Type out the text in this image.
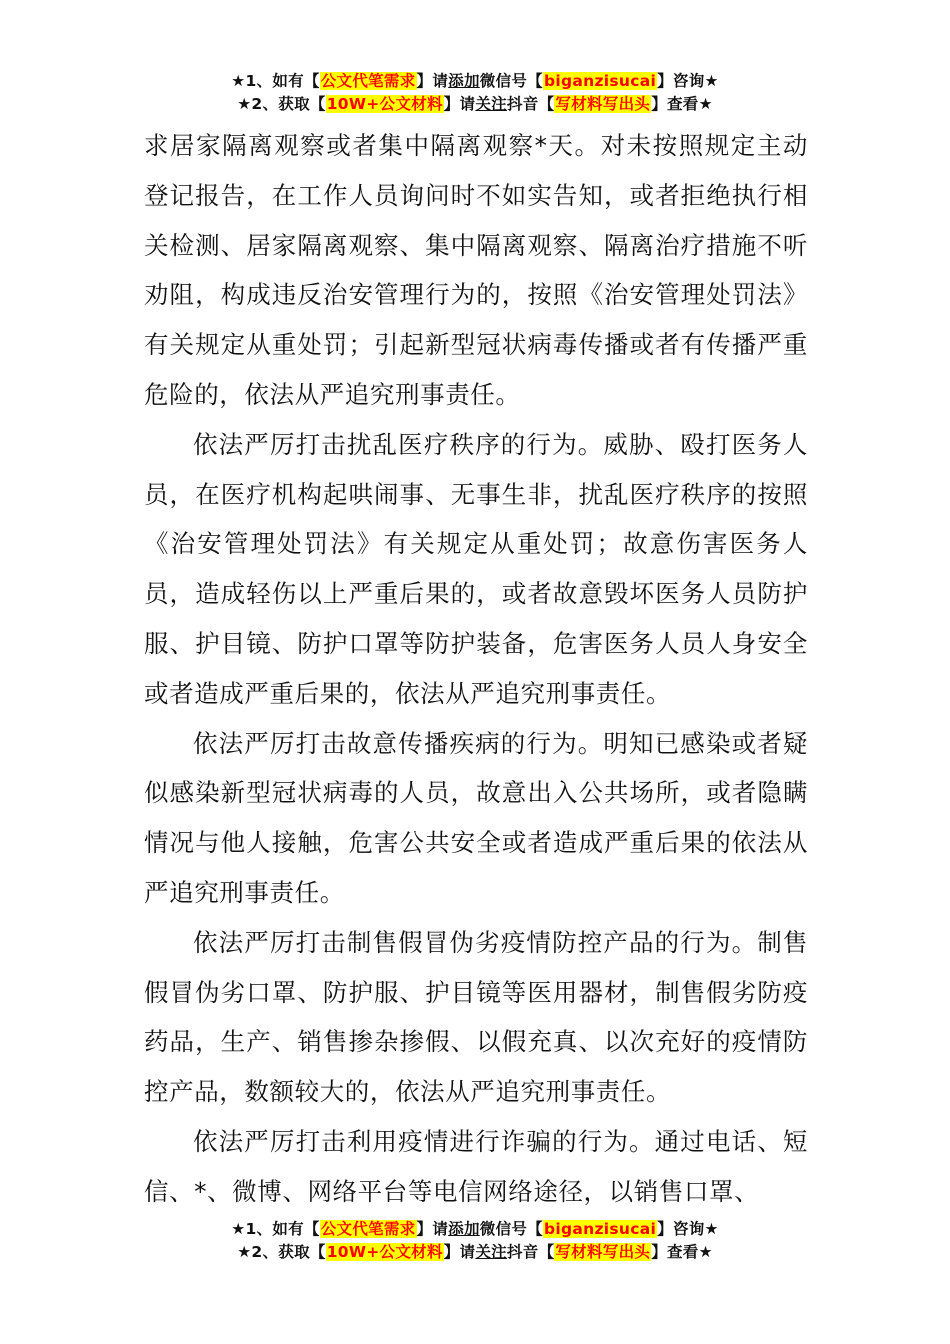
★1、如有【公文代笔需求】请添加微信号【biganzisucai】咨询★
★2、获取【10W+公文材料】请关注抖音【写材料写出头】查看★

求居家隔离观察或者集中隔离观察*天。对未按照规定主动登记报告，在工作人员询问时不如实告知，或者拒绝执行相关检测、居家隔离观察、集中隔离观察、隔离治疗措施不听劝阻，构成违反治安管理行为的，按照《治安管理处罚法》有关规定从重处罚；引起新型冠状病毒传播或者有传播严重危险的，依法从严追究刑事责任。

依法严厉打击扰乱医疗秩序的行为。威胁、殴打医务人员，在医疗机构起哄闹事、无事生非，扰乱医疗秩序的按照《治安管理处罚法》有关规定从重处罚；故意伤害医务人员，造成轻伤以上严重后果的，或者故意毁坏医务人员防护服、护目镜、防护口罩等防护装备，危害医务人员人身安全或者造成严重后果的，依法从严追究刑事责任。

依法严厉打击故意传播疾病的行为。明知已感染或者疑似感染新型冠状病毒的人员，故意出入公共场所，或者隐瞒情况与他人接触，危害公共安全或者造成严重后果的依法从严追究刑事责任。

依法严厉打击制售假冒伪劣疫情防控产品的行为。制售假冒伪劣口罩、防护服、护目镜等医用器材，制售假劣防疫药品，生产、销售掺杂掺假、以假充真、以次充好的疫情防控产品，数额较大的，依法从严追究刑事责任。

依法严厉打击利用疫情进行诈骗的行为。通过电话、短信、*、微博、网络平台等电信网络途径，以销售口罩、

★1、如有【公文代笔需求】请添加微信号【biganzisucai】咨询★
★2、获取【10W+公文材料】请关注抖音【写材料写出头】查看★
